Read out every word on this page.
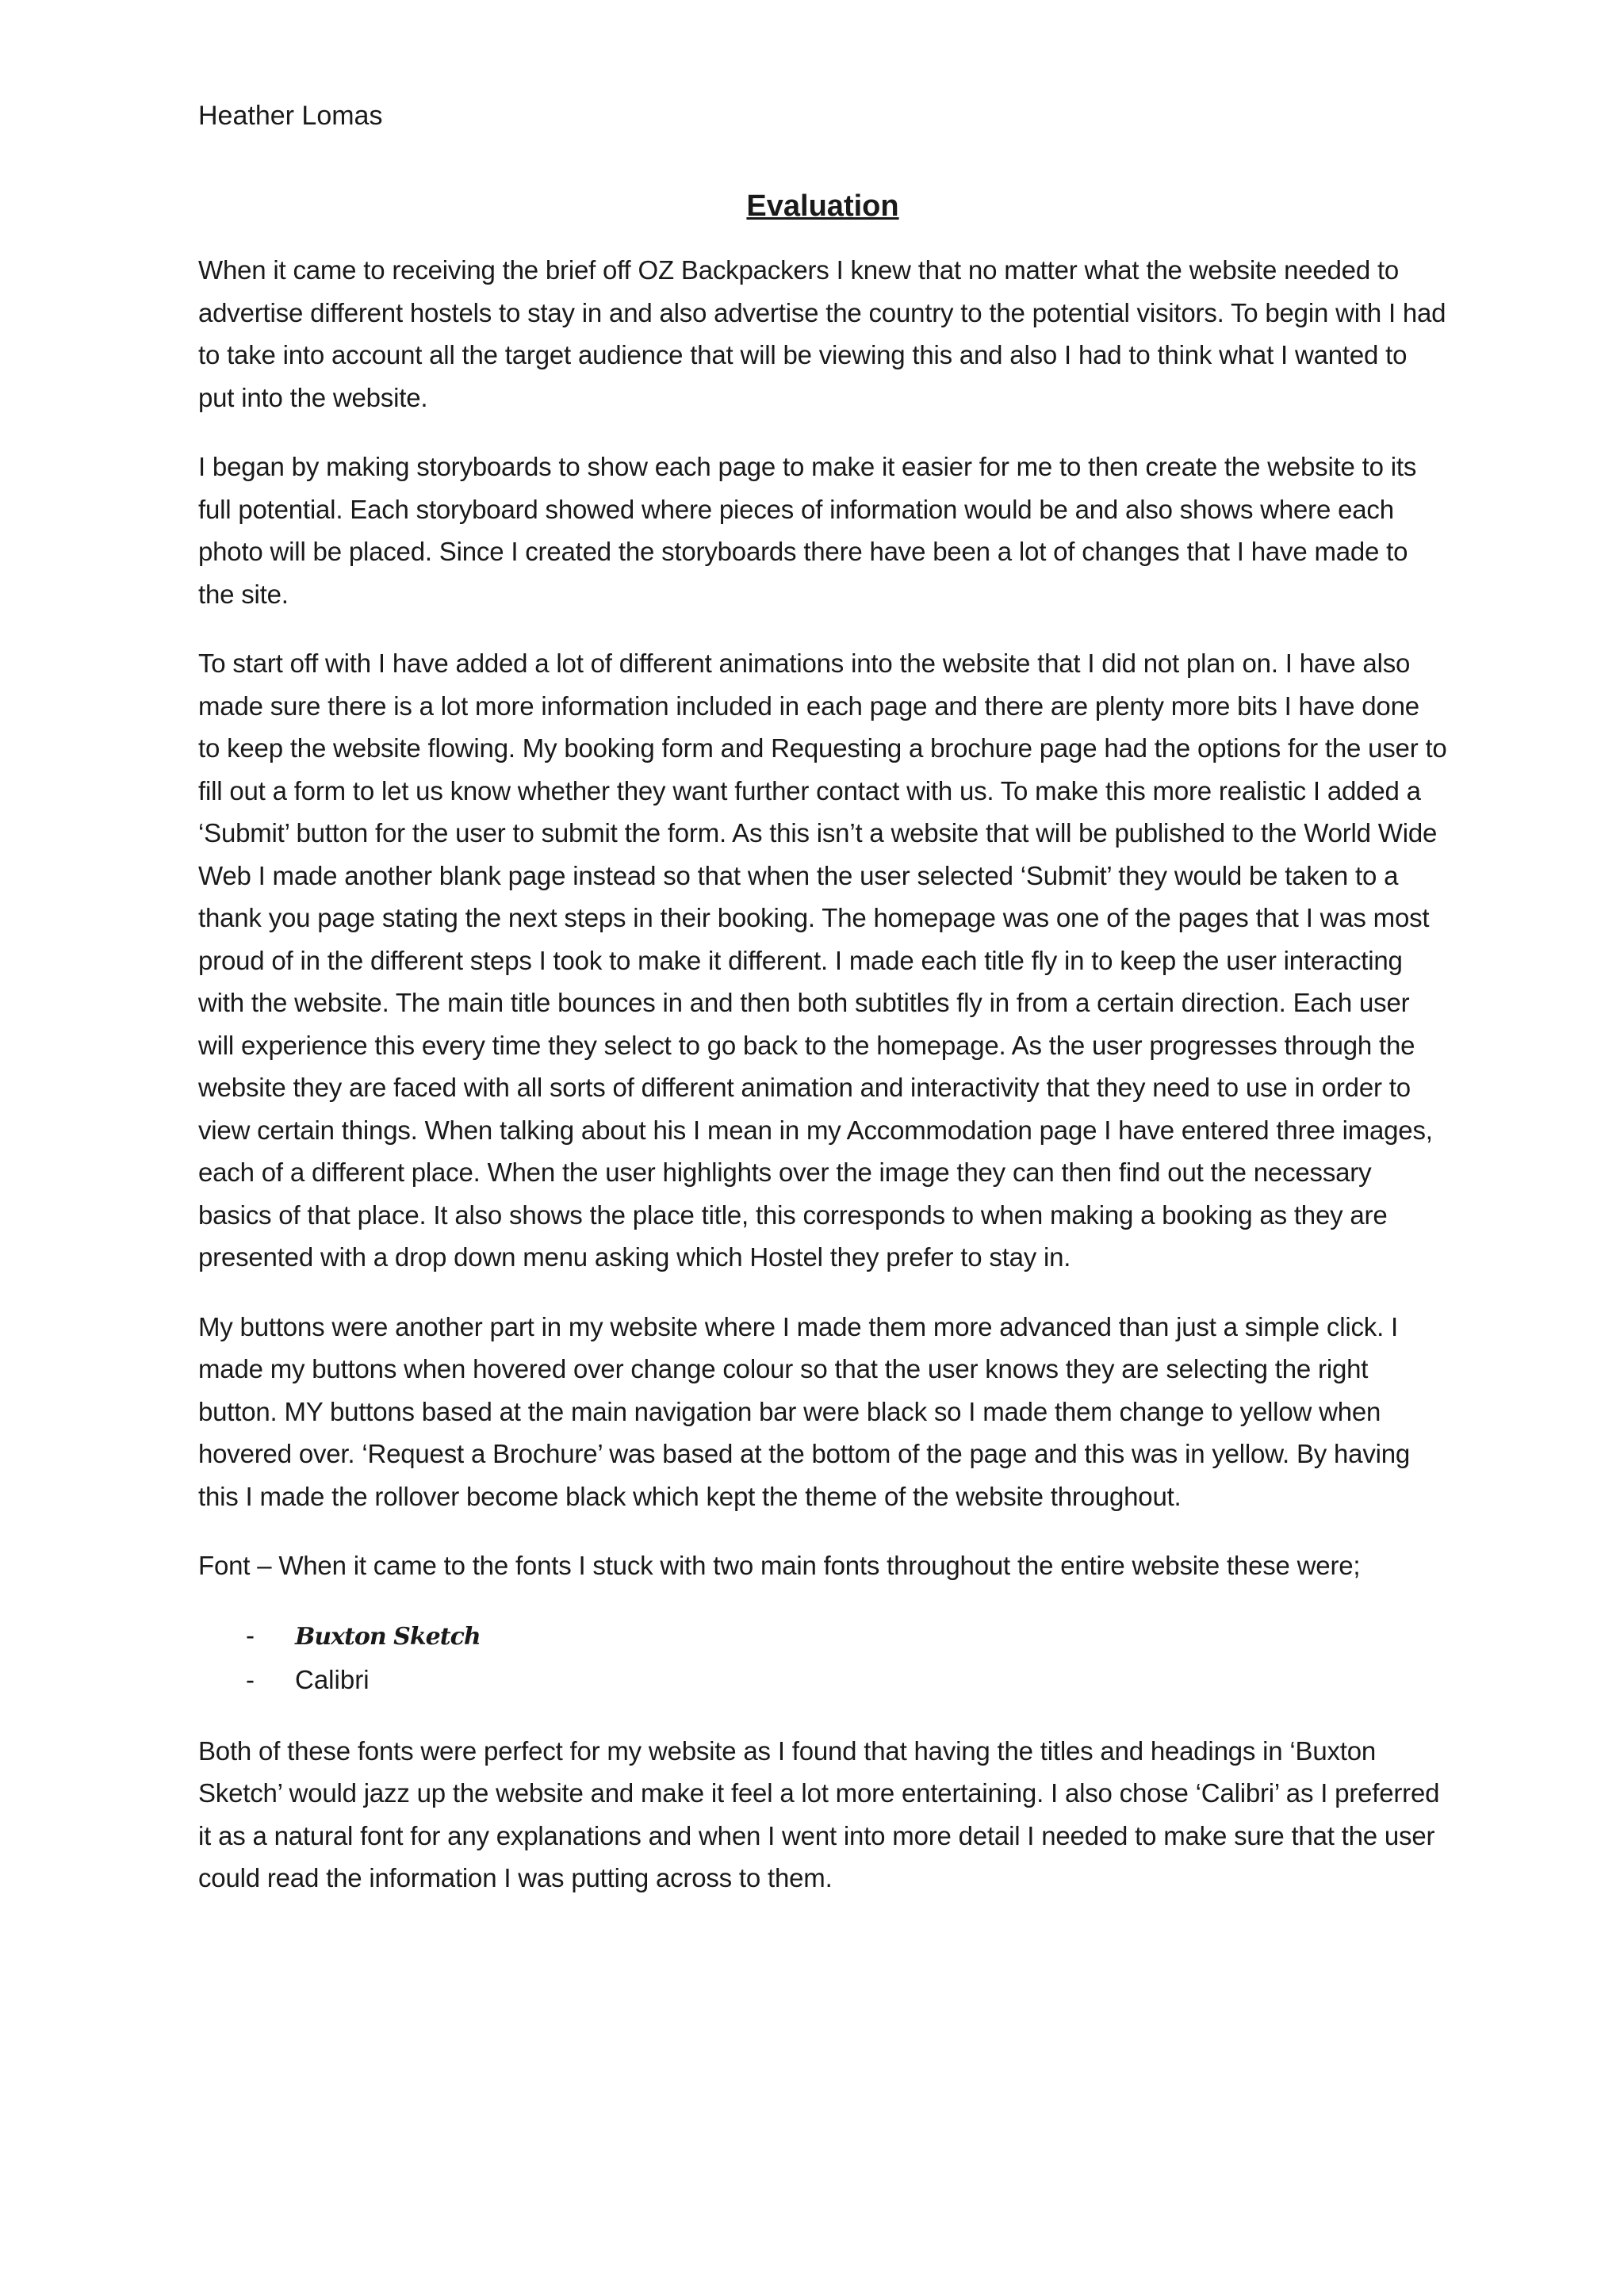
Heather Lomas
Evaluation

When it came to receiving the brief off OZ Backpackers I knew that no matter what the website needed to advertise different hostels to stay in and also advertise the country to the potential visitors. To begin with I had to take into account all the target audience that will be viewing this and also I had to think what I wanted to put into the website.

I began by making storyboards to show each page to make it easier for me to then create the website to its full potential. Each storyboard showed where pieces of information would be and also shows where each photo will be placed. Since I created the storyboards there have been a lot of changes that I have made to the site.

To start off with I have added a lot of different animations into the website that I did not plan on. I have also made sure there is a lot more information included in each page and there are plenty more bits I have done to keep the website flowing. My booking form and Requesting a brochure page had the options for the user to fill out a form to let us know whether they want further contact with us. To make this more realistic I added a ‘Submit’ button for the user to submit the form. As this isn’t a website that will be published to the World Wide Web I made another blank page instead so that when the user selected ‘Submit’ they would be taken to a thank you page stating the next steps in their booking. The homepage was one of the pages that I was most proud of in the different steps I took to make it different. I made each title fly in to keep the user interacting with the website. The main title bounces in and then both subtitles fly in from a certain direction. Each user will experience this every time they select to go back to the homepage. As the user progresses through the website they are faced with all sorts of different animation and interactivity that they need to use in order to view certain things. When talking about his I mean in my Accommodation page I have entered three images, each of a different place. When the user highlights over the image they can then find out the necessary basics of that place. It also shows the place title, this corresponds to when making a booking as they are presented with a drop down menu asking which Hostel they prefer to stay in.

My buttons were another part in my website where I made them more advanced than just a simple click. I made my buttons when hovered over change colour so that the user knows they are selecting the right button. MY buttons based at the main navigation bar were black so I made them change to yellow when hovered over. ‘Request a Brochure’ was based at the bottom of the page and this was in yellow. By having this I made the rollover become black which kept the theme of the website throughout.

Font – When it came to the fonts I stuck with two main fonts throughout the entire website these were;

- Buxton Sketch
- Calibri

Both of these fonts were perfect for my website as I found that having the titles and headings in ‘Buxton Sketch’ would jazz up the website and make it feel a lot more entertaining. I also chose ‘Calibri’ as I preferred it as a natural font for any explanations and when I went into more detail I needed to make sure that the user could read the information I was putting across to them.
